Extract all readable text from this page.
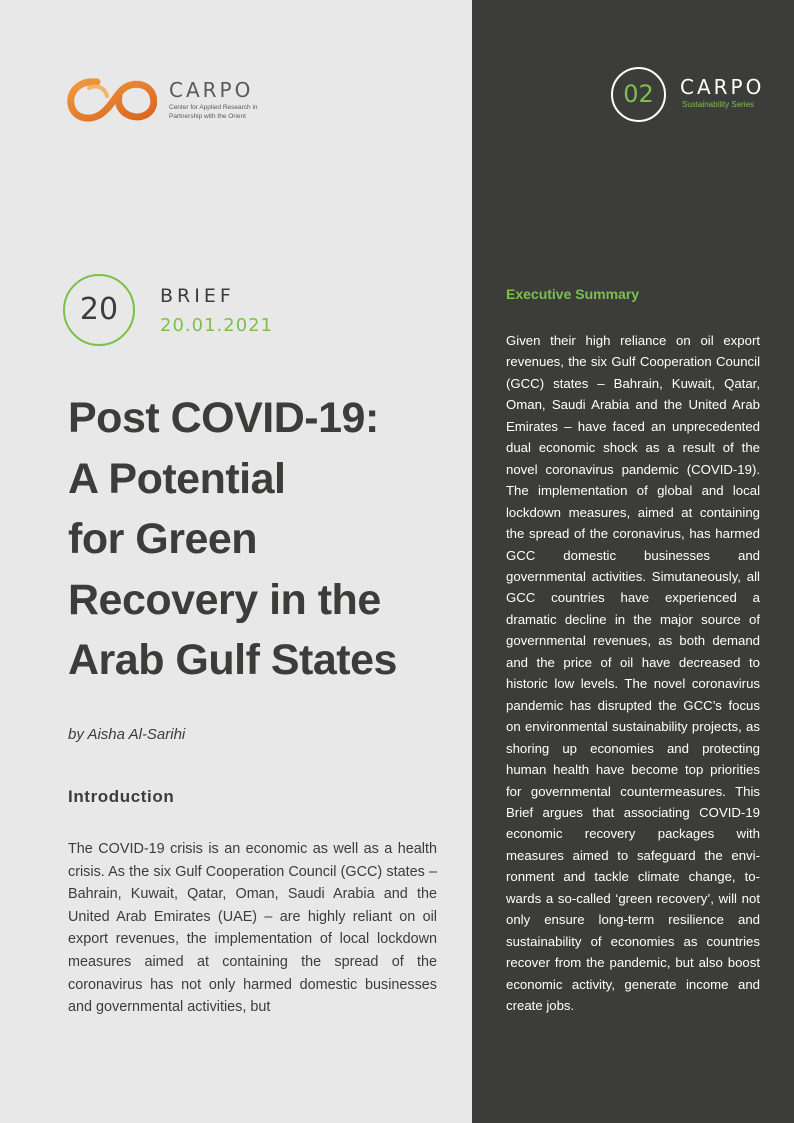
CARPO
Center for Applied Research in Partnership with the Orient
02	CARPO
Sustainability Series
20	BRIEF
20.01.2021
Post COVID-19:
A Potential
for Green
Recovery in the
Arab Gulf States
by Aisha Al-Sarihi
Introduction

The COVID-19 crisis is an economic as well as a health crisis. As the six Gulf Cooperation Council (GCC) states – Bahrain, Kuwait, Qatar, Oman, Saudi Arabia and the United Arab Emirates (UAE) – are highly reliant on oil export revenues, the implementation of local lockdown measures aimed at containing the spread of the coronavirus has not only harmed domestic businesses and governmental activities, but

Executive Summary

Given their high reliance on oil export revenues, the six Gulf Cooperation Council (GCC) states – Bahrain, Kuwait, Qatar, Oman, Saudi Arabia and the United Arab Emirates – have faced an unprecedented dual economic shock as a result of the novel coronavirus pandemic (COVID-19). The implementation of global and local lockdown measures, aimed at containing the spread of the coronavirus, has harmed GCC domestic businesses and governmental activities. Simutaneously, all GCC countries have experienced a dramatic decline in the major source of governmental revenues, as both demand and the price of oil have decreased to historic low levels. The novel coronavirus pandemic has disrupted the GCC’s focus on environmental sustainability projects, as shoring up economies and protecting human health have become top priorities for governmental countermeasures. This Brief argues that associating COVID-19 economic recovery packages with measures aimed to safeguard the environment and tackle climate change, towards a so-called ‘green recovery’, will not only ensure long-term resilience and sustainability of economies as countries recover from the pandemic, but also boost economic activity, generate income and create jobs.
